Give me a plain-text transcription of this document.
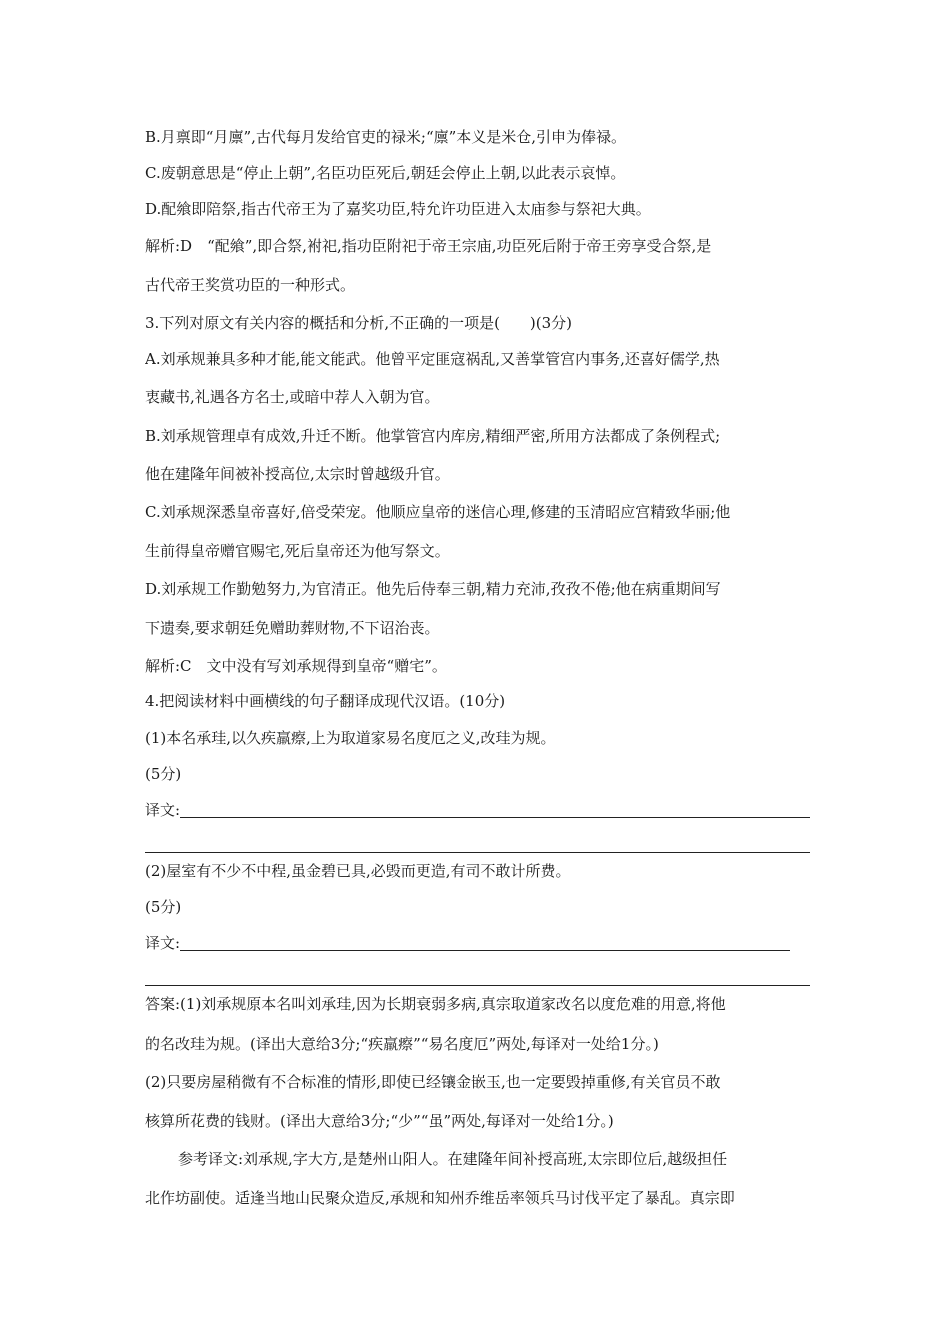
B.月禀即“月廪”,古代每月发给官吏的禄米;“廪”本义是米仓,引申为俸禄。
C.废朝意思是“停止上朝”,名臣功臣死后,朝廷会停止上朝,以此表示哀悼。
D.配飨即陪祭,指古代帝王为了嘉奖功臣,特允许功臣进入太庙参与祭祀大典。
解析:D　“配飨”,即合祭,袝祀,指功臣附祀于帝王宗庙,功臣死后附于帝王旁享受合祭,是
古代帝王奖赏功臣的一种形式。
3.下列对原文有关内容的概括和分析,不正确的一项是(　　)(3分)
A.刘承规兼具多种才能,能文能武。他曾平定匪寇祸乱,又善掌管宫内事务,还喜好儒学,热
衷藏书,礼遇各方名士,或暗中荐人入朝为官。
B.刘承规管理卓有成效,升迁不断。他掌管宫内库房,精细严密,所用方法都成了条例程式;
他在建隆年间被补授高位,太宗时曾越级升官。
C.刘承规深悉皇帝喜好,倍受荣宠。他顺应皇帝的迷信心理,修建的玉清昭应宫精致华丽;他
生前得皇帝赠官赐宅,死后皇帝还为他写祭文。
D.刘承规工作勤勉努力,为官清正。他先后侍奉三朝,精力充沛,孜孜不倦;他在病重期间写
下遗奏,要求朝廷免赠助葬财物,不下诏治丧。
解析:C　文中没有写刘承规得到皇帝“赠宅”。
4.把阅读材料中画横线的句子翻译成现代汉语。(10分)
(1)本名承珪,以久疾羸瘵,上为取道家易名度厄之义,改珪为规。
(5分)
译文:
(2)屋室有不少不中程,虽金碧已具,必毁而更造,有司不敢计所费。
(5分)
译文:
答案:(1)刘承规原本名叫刘承珪,因为长期衰弱多病,真宗取道家改名以度危难的用意,将他
的名改珪为规。(译出大意给3分;“疾羸瘵”“易名度厄”两处,每译对一处给1分。)
(2)只要房屋稍微有不合标准的情形,即使已经镶金嵌玉,也一定要毁掉重修,有关官员不敢
核算所花费的钱财。(译出大意给3分;“少”“虽”两处,每译对一处给1分。)
参考译文:刘承规,字大方,是楚州山阳人。在建隆年间补授高班,太宗即位后,越级担任
北作坊副使。适逢当地山民聚众造反,承规和知州乔维岳率领兵马讨伐平定了暴乱。真宗即
